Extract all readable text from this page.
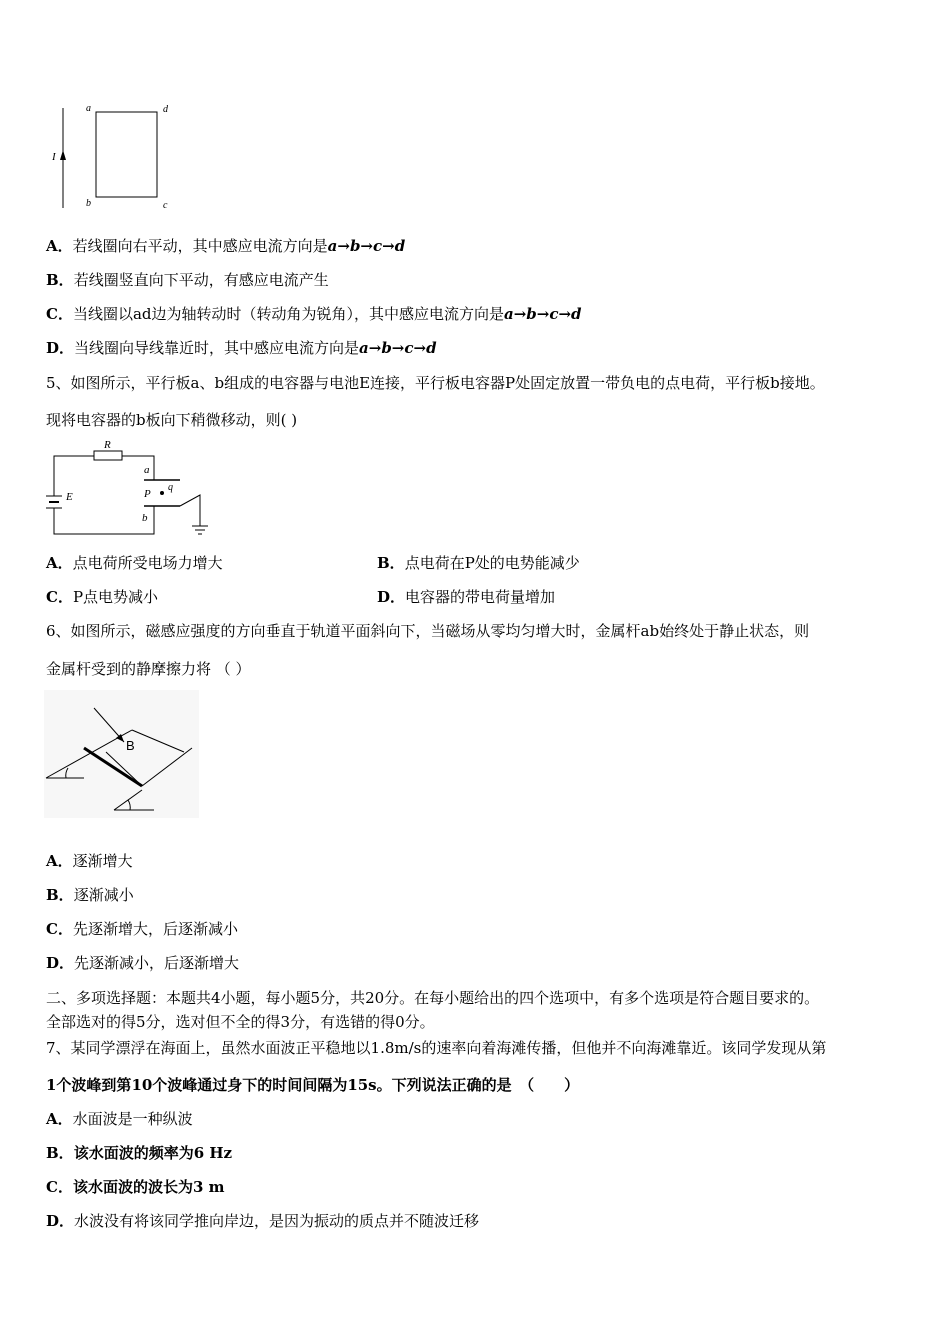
I
a	d
b	c
A．若线圈向右平动，其中感应电流方向是a→b→c→d
B．若线圈竖直向下平动，有感应电流产生
C．当线圈以ad边为轴转动时（转动角为锐角），其中感应电流方向是a→b→c→d
D．当线圈向导线靠近时，其中感应电流方向是a→b→c→d
5、如图所示，平行板a、b组成的电容器与电池E连接，平行板电容器P处固定放置一带负电的点电荷，平行板b接地。
现将电容器的b板向下稍微移动，则( )
R
E
a
P
q
b
A．点电荷所受电场力增大	B．点电荷在P处的电势能减少
C．P点电势减小	D．电容器的带电荷量增加
6、如图所示，磁感应强度的方向垂直于轨道平面斜向下，当磁场从零均匀增大时，金属杆ab始终处于静止状态，则
金属杆受到的静摩擦力将 （ ）
B
A．逐渐增大
B．逐渐减小
C．先逐渐增大，后逐渐减小
D．先逐渐减小，后逐渐增大
二、多项选择题：本题共4小题，每小题5分，共20分。在每小题给出的四个选项中，有多个选项是符合题目要求的。
全部选对的得5分，选对但不全的得3分，有选错的得0分。
7、某同学漂浮在海面上，虽然水面波正平稳地以1.8m/s的速率向着海滩传播，但他并不向海滩靠近。该同学发现从第
1个波峰到第10个波峰通过身下的时间间隔为15s。下列说法正确的是　（　　）
A．水面波是一种纵波
B．该水面波的频率为6 Hz
C．该水面波的波长为3 m
D．水波没有将该同学推向岸边，是因为振动的质点并不随波迁移
